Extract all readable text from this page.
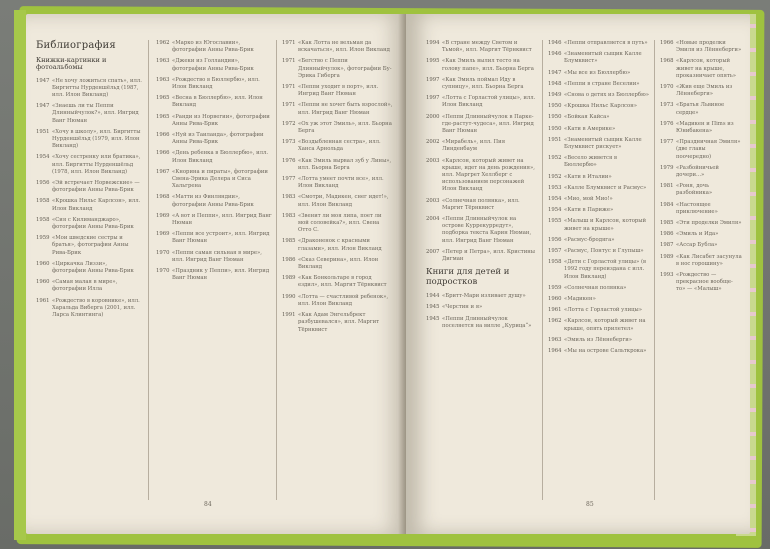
Библиография
Книжки-картинки и фотоальбомы
1947 «Не хочу ложиться спать», илл. Биргитты Нурденшёльд (1987, илл. Илон Викланд)
1947 «Знаешь ли ты Пеппи Длинныйчулок?», илл. Ингрид Ванг Нюман
1951 «Хочу в школу», илл. Биргитты Нурденшёльд (1979, илл. Илон Викланд)
1954 «Хочу сестренку или братика», илл. Биргитты Нурденшёльд (1978, илл. Илон Викланд)
1956 «Эй встречает Норвежские» — фотографии Анны Рива-Брик
1958 «Крошка Нильс Карлсон», илл. Илон Викланд
1958 «Сия с Килиманджаро», фотографии Анны Рива-Брик
1959 «Мои шведские сестры и братья», фотографии Анны Рива-Брик
1960 «Циркачка Лиззи», фотографии Анны Рива-Брик
1960 «Самая малая в мире», фотографии Илла
1961 «Рождество в коровнике», илл. Харальда Виберга (2001, илл. Ларса Клинтинга)
1962 «Марко из Югославии», фотографии Анны Рива-Брик
1963 «Джеки из Голландии», фотографии Анны Рива-Брик
1963 «Рождество в Бюллербю», илл. Илон Викланд
1965 «Весна в Бюллербю», илл. Илон Викланд
1965 «Ранди из Норвегии», фотографии Анны Рива-Брик
1966 «Нуй из Таиланда», фотографии Анны Рива-Брик
1966 «День ребенка в Бюллербю», илл. Илон Викланд
1967 «Кнорина и пираты», фотографии Свена-Эрика Делера и Сиса Хальгрена
1968 «Матти из Финляндии», фотографии Анны Рива-Брик
1969 «А вот и Пеппи», илл. Ингрид Ванг Нюман
1969 «Пеппи все устроит», илл. Ингрид Ванг Нюман
1970 «Пеппи самая сильная в мире», илл. Ингрид Ванг Нюман
1970 «Праздник у Пеппи», илл. Ингрид Ванг Нюман
1971 «Как Лотта не вельмая да вскачаться», илл. Илон Викланд
1971 «Бегство с Пеппи Длинныйчулок», фотографии Бу-Эрика Гиберга
1971 «Пеппи уходит в порт», илл. Ингрид Ванг Нюман
1971 «Пеппи не хочет быть взрослой», илл. Ингрид Ванг Нюман
1972 «Ох уж этот Эмиль», илл. Бьорна Берга
1973 «Воздыбленная сестра», илл. Ханса Арнольда
1976 «Как Эмиль вырвал зуб у Лины», илл. Бьорна Берга
1977 «Лотта умеет почти все», илл. Илон Викланд
1983 «Смотри, Мадикен, снег идет!», илл. Илон Викланд
1983 «Звенит ли моя липа, поет ли мой соловейка?», илл. Свена Отто С.
1985 «Драконенок с красными глазами», илл. Илон Викланд
1986 «Сказ Северина», илл. Илон Викланд
1989 «Как Бонкольтаре в город ездил», илл. Маргит Тёрнквист
1990 «Лотта — счастливой ребенок», илл. Илон Викланд
1991 «Как Адам Энгельбрект разбушевался», илл. Маргит Тёрнквист
84
1994 «В стране между Светом и Тьмой», илл. Маргит Тёрнквист
1995 «Как Эмиль вылил тесто на голову папе», илл. Бьорна Берга
1997 «Как Эмиль поймал Иду в супницу», илл. Бьорна Берга
1997 «Лотта с Горластой улицы», илл. Илон Викланд
2000 «Пеппи Длинныйчулок в Парке-где-растут-чудеса», илл. Ингрид Ванг Нюман
2002 «Мирабель», илл. Пия Линденбаум
2003 «Карлсон, который живет на крыше, идет на день рождения», илл. Маргрет Хеллберг с использованием персонажей Илон Викланд
2003 «Солнечная полянка», илл. Маргит Тёрнквист
2004 «Пеппи Длинныйчулок на острове Куррекурредут», подборка текста Карин Нюман, илл. Ингрид Ванг Нюман
2007 «Петер и Петра», илл. Кристины Дигман
Книги для детей и подростков
1944 «Бритт-Мари изливает душу»
1945 «Черстин и я»
1945 «Пеппи Длинныйчулок поселяется на вилле „Курица“»
1946 «Пеппи отправляется в путь»
1946 «Знаменитый сыщик Калле Блумквист»
1947 «Мы все из Бюллербю»
1948 «Пеппи в стране Веселии»
1949 «Снова о детях из Бюллербю»
1950 «Крошка Нильс Карлсон»
1950 «Бойкая Кайса»
1950 «Кати в Америке»
1951 «Знаменитый сыщик Калле Блумквист рискует»
1952 «Весело живется в Бюллербю»
1952 «Кати в Италии»
1953 «Калле Блумквист и Расмус»
1954 «Мио, мой Мио!»
1954 «Кати в Париже»
1955 «Малыш и Карлсон, который живет на крыше»
1956 «Расмус-бродяга»
1957 «Расмус, Понтус и Глупыш»
1958 «Дети с Горластой улицы» (в 1992 году переиздана с илл. Илон Викланд)
1959 «Солнечная полянка»
1960 «Мадикен»
1961 «Лотта с Горластой улицы»
1962 «Карлсон, который живет на крыше, опять прилетел»
1963 «Эмиль из Лённеберги»
1964 «Мы на острове Сальткрока»
1966 «Новые проделки Эмиля из Лённеберги»
1968 «Карлсон, который живет на крыше, проказничает опять»
1970 «Жив еще Эмиль из Лённеберги»
1973 «Братья Львиное сердце»
1976 «Мадикен и Пims из Юнибакена»
1977 «Праздничная Эмиля» (две главы поочередно)
1979 «Разбойничьей дочери...»
1981 «Роня, дочь разбойника»
1984 «Настоящее приключение»
1985 «Эти проделки Эмиля»
1986 «Эмиль и Ида»
1987 «Ассар Бубла»
1989 «Как Лисабет засунула в нос горошину»
1993 «Рождество — прекрасное вообще-то» — «Малыш»
85
